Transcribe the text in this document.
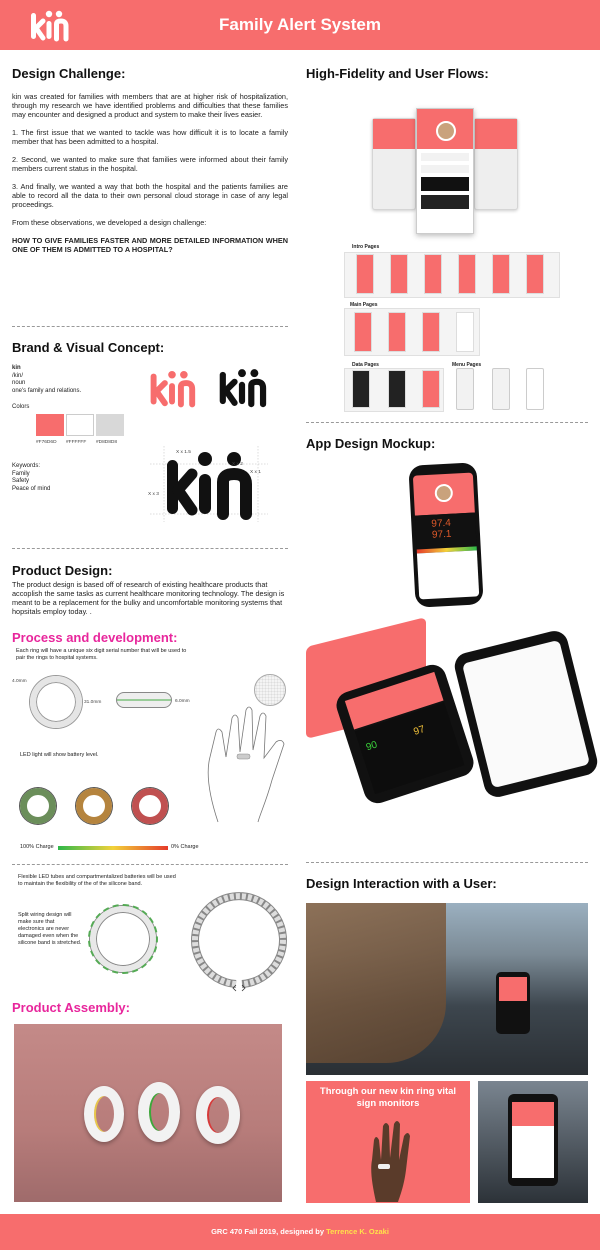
Family Alert System
Design Challenge:

kin was created for families with members that are at higher risk of hospitalization, through my research we have identified problems and difficulties that these families may encounter and designed a product and system to make their lives easier.

1. The first issue that we wanted to tackle was how difficult it is to locate a family member that has been admitted to a hospital.

2. Second, we wanted to make sure that families were informed about their family members current status in the hospital.

3. And finally, we wanted a way that both the hospital and the patients families are able to record all the data to their own personal cloud storage in case of any legal proceedings.

From these observations, we developed a design challenge:

HOW TO GIVE FAMILIES FASTER AND MORE DETAILED INFORMATION WHEN ONE OF THEM IS ADMITTED TO A HOSPITAL?

Brand & Visual Concept:
kin
/kin/
noun
one's family and relations.
Colors
#F76D6D #FFFFFF #D8D8D8
Keywords:
Family
Safety
Peace of mind
X x 1.5
X x 2
X x 3
X x 1
Product Design:
The product design is based off of research of existing healthcare products that accoplish the same tasks as current healthcare monitoring technology. The design is meant to be a replacement for the bulky and uncomfortable monitoring systems that hopsitals employ today. .
Process and development:
Each ring will have a unique six digit serial number that will be used to pair the rings to hospital systems.
4.0mm
31.0mm	6.0mm
LED light will show battery level.
100% Charge	0% Charge
Flexible LED tubes and compartmentalized batteries will be used to maintain the flexibility of the of the silicone band.
Split wiring design will make sure that electronics are never damaged even when the silicone band is stretched.
Product Assembly:
High-Fidelity and User Flows:
Intro Pages
Main Pages
Data Pages	Menu Pages
App Design Mockup:
97.4
97.1
90
97
Design Interaction with a User:
Through our new kin ring vital sign monitors
GRC 470 Fall 2019, designed by Terrence K. Ozaki
